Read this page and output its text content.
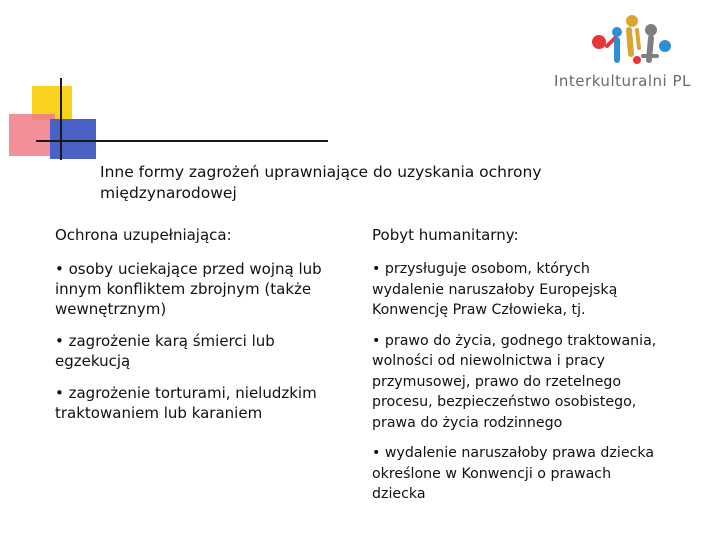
Interkulturalni PL
Inne formy zagrożeń uprawniające do uzyskania ochrony międzynarodowej
Ochrona uzupełniająca:
• osoby uciekające przed wojną lub innym konfliktem zbrojnym (także wewnętrznym)
• zagrożenie karą śmierci lub egzekucją
• zagrożenie torturami, nieludzkim traktowaniem lub karaniem
Pobyt humanitarny:
• przysługuje osobom, których wydalenie naruszałoby Europejską Konwencję Praw Człowieka, tj.
• prawo do życia, godnego traktowania, wolności od niewolnictwa i pracy przymusowej, prawo do rzetelnego procesu, bezpieczeństwo osobistego, prawa do życia rodzinnego
• wydalenie naruszałoby prawa dziecka określone w Konwencji o prawach dziecka
